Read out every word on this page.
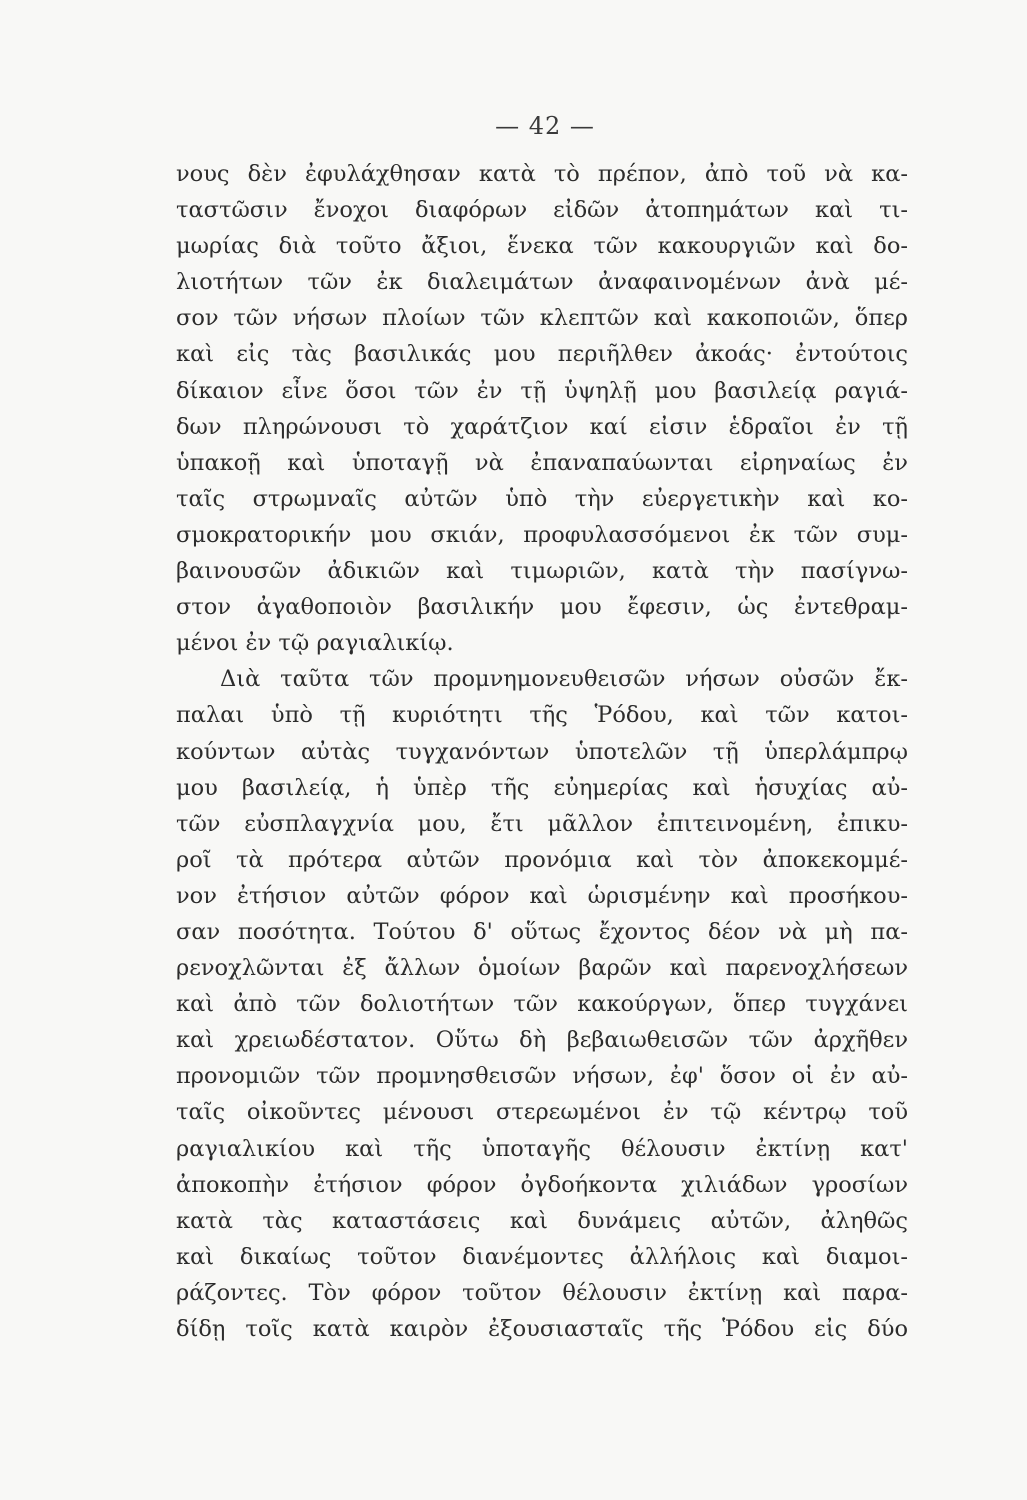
— 42 —
νους δὲν ἐφυλάχθησαν κατὰ τὸ πρέπον, ἀπὸ τοῦ νὰ κα-
ταστῶσιν ἔνοχοι διαφόρων εἰδῶν ἀτοπημάτων καὶ τι-
μωρίας διὰ τοῦτο ἄξιοι, ἕνεκα τῶν κακουργιῶν καὶ δο-
λιοτήτων τῶν ἐκ διαλειμάτων ἀναφαινομένων ἀνὰ μέ-
σον τῶν νήσων πλοίων τῶν κλεπτῶν καὶ κακοποιῶν, ὅπερ
καὶ εἰς τὰς βασιλικάς μου περιῆλθεν ἀκοάς· ἐντούτοις
δίκαιον εἶνε ὅσοι τῶν ἐν τῇ ὑψηλῇ μου βασιλείᾳ ραγιά-
δων πληρώνουσι τὸ χαράτζιον καί εἰσιν ἑδραῖοι ἐν τῇ
ὑπακοῇ καὶ ὑποταγῇ νὰ ἐπαναπαύωνται εἰρηναίως ἐν
ταῖς στρωμναῖς αὐτῶν ὑπὸ τὴν εὐεργετικὴν καὶ κο-
σμοκρατορικήν μου σκιάν, προφυλασσόμενοι ἐκ τῶν συμ-
βαινουσῶν ἀδικιῶν καὶ τιμωριῶν, κατὰ τὴν πασίγνω-
στον ἀγαθοποιὸν βασιλικήν μου ἔφεσιν, ὡς ἐντεθραμ-
μένοι ἐν τῷ ραγιαλικίῳ.
Διὰ ταῦτα τῶν προμνημονευθεισῶν νήσων οὐσῶν ἔκ-
παλαι ὑπὸ τῇ κυριότητι τῆς Ῥόδου, καὶ τῶν κατοι-
κούντων αὐτὰς τυγχανόντων ὑποτελῶν τῇ ὑπερλάμπρῳ
μου βασιλείᾳ, ἡ ὑπὲρ τῆς εὐημερίας καὶ ἡσυχίας αὐ-
τῶν εὐσπλαγχνία μου, ἔτι μᾶλλον ἐπιτεινομένη, ἐπικυ-
ροῖ τὰ πρότερα αὐτῶν προνόμια καὶ τὸν ἀποκεκομμέ-
νον ἐτήσιον αὐτῶν φόρον καὶ ὡρισμένην καὶ προσήκου-
σαν ποσότητα. Τούτου δ' οὕτως ἔχοντος δέον νὰ μὴ πα-
ρενοχλῶνται ἐξ ἄλλων ὁμοίων βαρῶν καὶ παρενοχλήσεων
καὶ ἀπὸ τῶν δολιοτήτων τῶν κακούργων, ὅπερ τυγχάνει
καὶ χρειωδέστατον. Οὕτω δὴ βεβαιωθεισῶν τῶν ἀρχῆθεν
προνομιῶν τῶν προμνησθεισῶν νήσων, ἐφ' ὅσον οἱ ἐν αὐ-
ταῖς οἰκοῦντες μένουσι στερεωμένοι ἐν τῷ κέντρῳ τοῦ
ραγιαλικίου καὶ τῆς ὑποταγῆς θέλουσιν ἐκτίνῃ κατ'
ἀποκοπὴν ἐτήσιον φόρον ὀγδοήκοντα χιλιάδων γροσίων
κατὰ τὰς καταστάσεις καὶ δυνάμεις αὐτῶν, ἀληθῶς
καὶ δικαίως τοῦτον διανέμοντες ἀλλήλοις καὶ διαμοι-
ράζοντες. Τὸν φόρον τοῦτον θέλουσιν ἐκτίνῃ καὶ παρα-
δίδῃ τοῖς κατὰ καιρὸν ἐξουσιασταῖς τῆς Ῥόδου εἰς δύο
